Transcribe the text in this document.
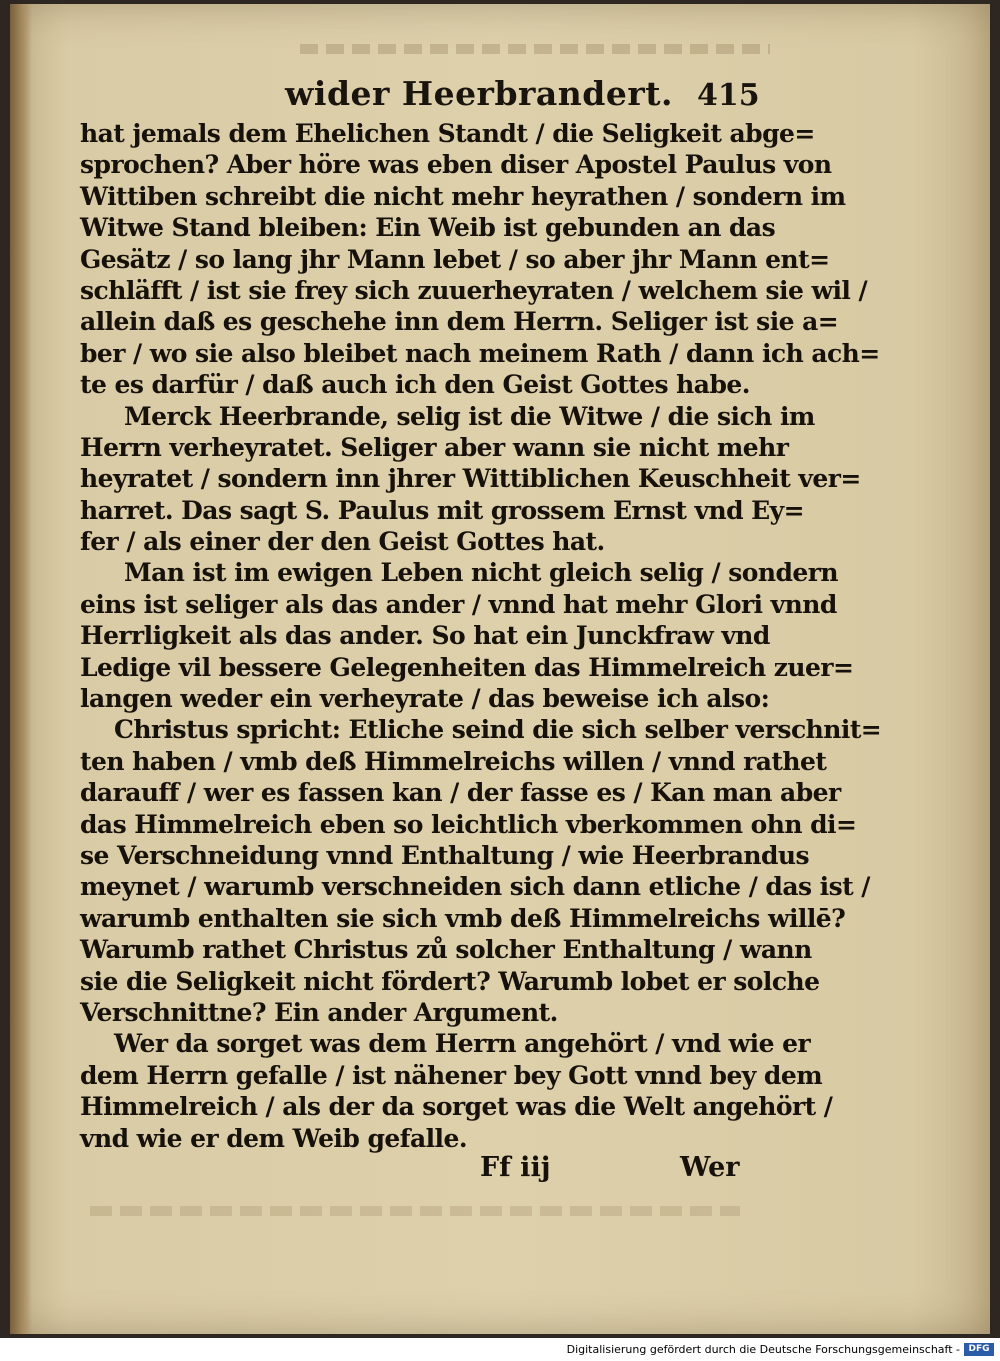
wider Heerbrandert. 415
hat jemals dem Ehelichen Standt / die Seligkeit abge=
sprochen? Aber höre was eben diser Apostel Paulus von
Wittiben schreibt die nicht mehr heyrathen / sondern im
Witwe Stand bleiben: Ein Weib ist gebunden an das
Gesätz / so lang jhr Mann lebet / so aber jhr Mann ent=
schläfft / ist sie frey sich zuuerheyraten / welchem sie wil /
allein daß es geschehe inn dem Herrn. Seliger ist sie a=
ber / wo sie also bleibet nach meinem Rath / dann ich ach=
te es darfür / daß auch ich den Geist Gottes habe.
Merck Heerbrande, selig ist die Witwe / die sich im
Herrn verheyratet. Seliger aber wann sie nicht mehr
heyratet / sondern inn jhrer Wittiblichen Keuschheit ver=
harret. Das sagt S. Paulus mit grossem Ernst vnd Ey=
fer / als einer der den Geist Gottes hat.
Man ist im ewigen Leben nicht gleich selig / sondern
eins ist seliger als das ander / vnnd hat mehr Glori vnnd
Herrligkeit als das ander. So hat ein Junckfraw vnd
Ledige vil bessere Gelegenheiten das Himmelreich zuer=
langen weder ein verheyrate / das beweise ich also:
Christus spricht: Etliche seind die sich selber verschnit=
ten haben / vmb deß Himmelreichs willen / vnnd rathet
darauff / wer es fassen kan / der fasse es / Kan man aber
das Himmelreich eben so leichtlich vberkommen ohn di=
se Verschneidung vnnd Enthaltung / wie Heerbrandus
meynet / warumb verschneiden sich dann etliche / das ist /
warumb enthalten sie sich vmb deß Himmelreichs willē?
Warumb rathet Christus zů solcher Enthaltung / wann
sie die Seligkeit nicht fördert? Warumb lobet er solche
Verschnittne? Ein ander Argument.
Wer da sorget was dem Herrn angehört / vnd wie er
dem Herrn gefalle / ist nähener bey Gott vnnd bey dem
Himmelreich / als der da sorget was die Welt angehört /
vnd wie er dem Weib gefalle.
Ff iij	Wer
Digitalisierung gefördert durch die Deutsche Forschungsgemeinschaft - DFG
